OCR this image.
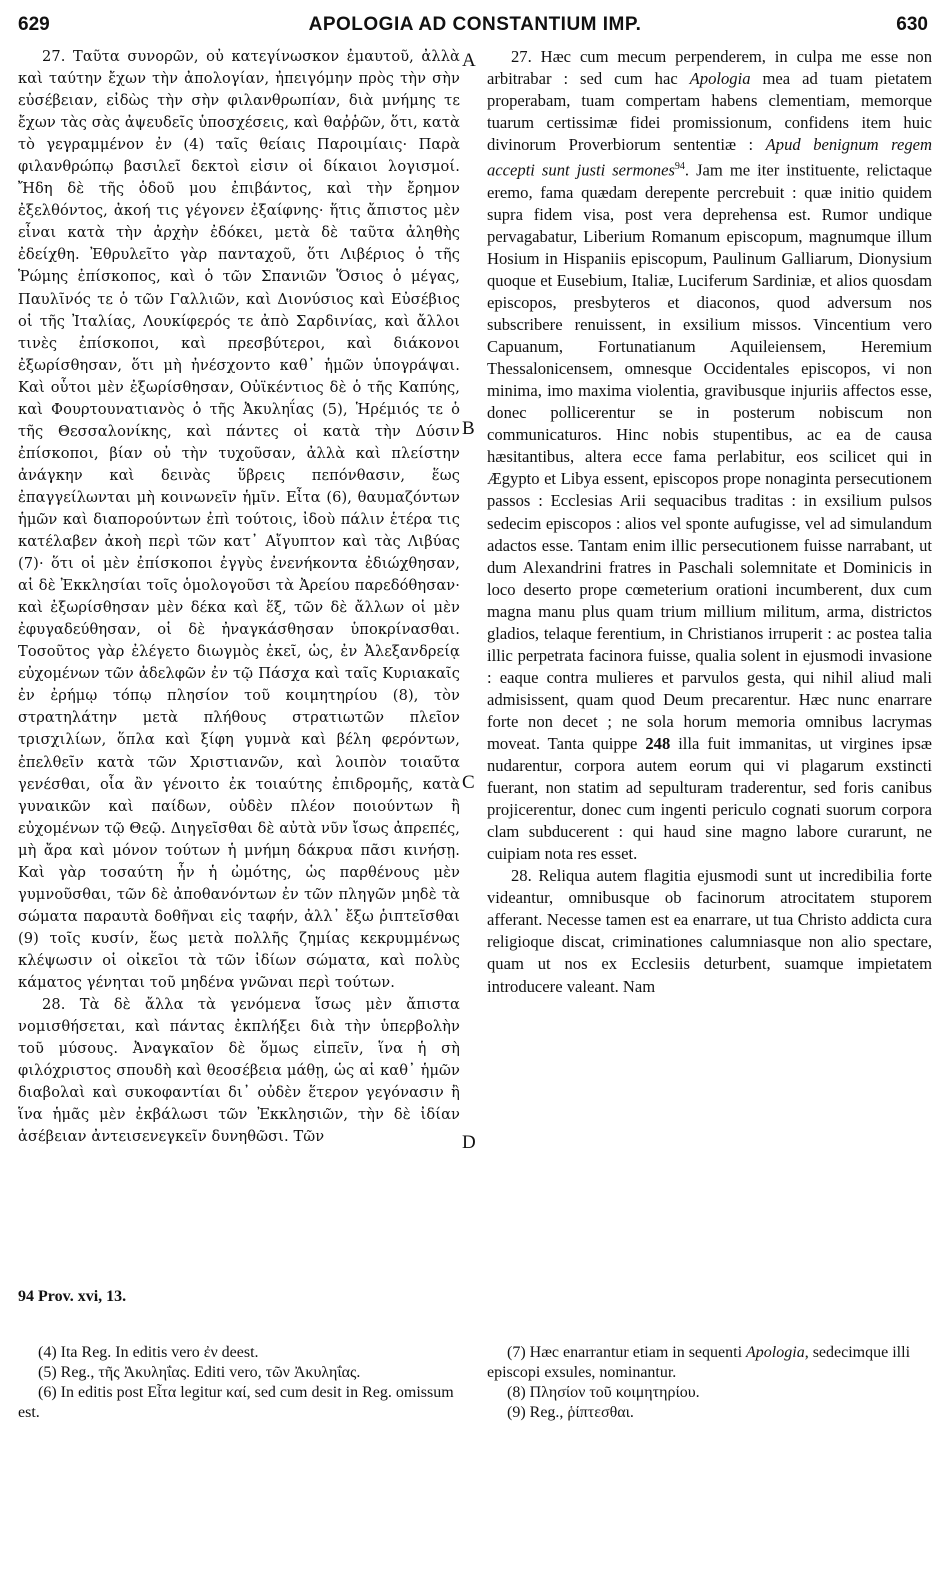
629	APOLOGIA AD CONSTANTIUM IMP.	630

27. Ταῦτα συνορῶν, οὐ κατεγίνωσκον ἐμαυτοῦ, ἀλλὰ καὶ ταύτην ἔχων τὴν ἀπολογίαν, ἠπειγόμην πρὸς τὴν σὴν εὐσέβειαν, εἰδὼς τὴν σὴν φιλανθρωπίαν, διὰ μνήμης τε ἔχων τὰς σὰς ἀψευδεῖς ὑποσχέσεις, καὶ θαῤῥῶν, ὅτι, κατὰ τὸ γεγραμμένον ἐν (4) ταῖς θείαις Παροιμίαις· Παρὰ φιλανθρώπῳ βασιλεῖ δεκτοὶ εἰσιν οἱ δίκαιοι λογισμοί. Ἤδη δὲ τῆς ὁδοῦ μου ἐπιβάντος, καὶ τὴν ἔρημον ἐξελθόντος, ἀκοή τις γέγονεν ἐξαίφνης· ἥτις ἄπιστος μὲν εἶναι κατὰ τὴν ἀρχὴν ἐδόκει, μετὰ δὲ ταῦτα ἀληθὴς ἐδείχθη. Ἐθρυλεῖτο γὰρ πανταχοῦ, ὅτι Λιβέριος ὁ τῆς Ῥώμης ἐπίσκοπος, καὶ ὁ τῶν Σπανιῶν Ὅσιος ὁ μέγας, Παυλῖνός τε ὁ τῶν Γαλλιῶν, καὶ Διονύσιος καὶ Εὐσέβιος οἱ τῆς Ἰταλίας, Λουκίφερός τε ἀπὸ Σαρδινίας, καὶ ἄλλοι τινὲς ἐπίσκοποι, καὶ πρεσβύτεροι, καὶ διάκονοι ἐξωρίσθησαν, ὅτι μὴ ἠνέσχοντο καθ᾽ ἡμῶν ὑπογράψαι. Καὶ οὗτοι μὲν ἐξωρίσθησαν, Οὐϊκέντιος δὲ ὁ τῆς Καπύης, καὶ Φουρτουνατιανὸς ὁ τῆς Ἀκυληΐας (5), Ἡρέμιός τε ὁ τῆς Θεσσαλονίκης, καὶ πάντες οἱ κατὰ τὴν Δύσιν ἐπίσκοποι, βίαν οὐ τὴν τυχοῦσαν, ἀλλὰ καὶ πλείστην ἀνάγκην καὶ δεινὰς ὕβρεις πεπόνθασιν, ἕως ἐπαγγείλωνται μὴ κοινωνεῖν ἡμῖν. Εἶτα (6), θαυμαζόντων ἡμῶν καὶ διαπορούντων ἐπὶ τούτοις, ἰδοὺ πάλιν ἑτέρα τις κατέλαβεν ἀκοὴ περὶ τῶν κατ᾽ Αἴγυπτον καὶ τὰς Λιβύας (7)· ὅτι οἱ μὲν ἐπίσκοποι ἐγγὺς ἐνενήκοντα ἐδιώχθησαν, αἱ δὲ Ἐκκλησίαι τοῖς ὁμολογοῦσι τὰ Ἀρείου παρεδόθησαν· καὶ ἐξωρίσθησαν μὲν δέκα καὶ ἕξ, τῶν δὲ ἄλλων οἱ μὲν ἐφυγαδεύθησαν, οἱ δὲ ἠναγκάσθησαν ὑποκρίνασθαι. Τοσοῦτος γὰρ ἐλέγετο διωγμὸς ἐκεῖ, ὡς, ἐν Ἀλεξανδρείᾳ εὐχομένων τῶν ἀδελφῶν ἐν τῷ Πάσχα καὶ ταῖς Κυριακαῖς ἐν ἐρήμῳ τόπῳ πλησίον τοῦ κοιμητηρίου (8), τὸν στρατηλάτην μετὰ πλήθους στρατιωτῶν πλεῖον τρισχιλίων, ὅπλα καὶ ξίφη γυμνὰ καὶ βέλη φερόντων, ἐπελθεῖν κατὰ τῶν Χριστιανῶν, καὶ λοιπὸν τοιαῦτα γενέσθαι, οἷα ἂν γένοιτο ἐκ τοιαύτης ἐπιδρομῆς, κατὰ γυναικῶν καὶ παίδων, οὐδὲν πλέον ποιούντων ἢ εὐχομένων τῷ Θεῷ. Διηγεῖσθαι δὲ αὐτὰ νῦν ἴσως ἀπρεπές, μὴ ἄρα καὶ μόνον τούτων ἡ μνήμη δάκρυα πᾶσι κινήσῃ. Καὶ γὰρ τοσαύτη ἦν ἡ ὠμότης, ὡς παρθένους μὲν γυμνοῦσθαι, τῶν δὲ ἀποθανόντων ἐν τῶν πληγῶν μηδὲ τὰ σώματα παραυτὰ δοθῆναι εἰς ταφήν, ἀλλ᾽ ἔξω ῥιπτεῖσθαι (9) τοῖς κυσίν, ἕως μετὰ πολλῆς ζημίας κεκρυμμένως κλέψωσιν οἱ οἰκεῖοι τὰ τῶν ἰδίων σώματα, καὶ πολὺς κάματος γένηται τοῦ μηδένα γνῶναι περὶ τούτων.

28. Τὰ δὲ ἄλλα τὰ γενόμενα ἴσως μὲν ἄπιστα νομισθήσεται, καὶ πάντας ἐκπλήξει διὰ τὴν ὑπερβολὴν τοῦ μύσους. Ἀναγκαῖον δὲ ὅμως εἰπεῖν, ἵνα ἡ σὴ φιλόχριστος σπουδὴ καὶ θεοσέβεια μάθῃ, ὡς αἱ καθ᾽ ἡμῶν διαβολαὶ καὶ συκοφαντίαι δι᾽ οὐδὲν ἕτερον γεγόνασιν ἢ ἵνα ἡμᾶς μὲν ἐκβάλωσι τῶν Ἐκκλησιῶν, τὴν δὲ ἰδίαν ἀσέβειαν ἀντεισενεγκεῖν δυνηθῶσι. Τῶν

A
B
C
D

27. Hæc cum mecum perpenderem, in culpa me esse non arbitrabar : sed cum hac Apologia mea ad tuam pietatem properabam, tuam compertam habens clementiam, memorque tuarum certissimæ fidei promissionum, confidens item huic divinorum Proverbiorum sententiæ : Apud benignum regem accepti sunt justi sermones$^{94}$. Jam me iter instituente, relictaque eremo, fama quædam derepente percrebuit : quæ initio quidem supra fidem visa, post vera deprehensa est. Rumor undique pervagabatur, Liberium Romanum episcopum, magnumque illum Hosium in Hispaniis episcopum, Paulinum Galliarum, Dionysium quoque et Eusebium, Italiæ, Luciferum Sardiniæ, et alios quosdam episcopos, presbyteros et diaconos, quod adversum nos subscribere renuissent, in exsilium missos. Vincentium vero Capuanum, Fortunatianum Aquileiensem, Heremium Thessalonicensem, omnesque Occidentales episcopos, vi non minima, imo maxima violentia, gravibusque injuriis affectos esse, donec pollicerentur se in posterum nobiscum non communicaturos. Hinc nobis stupentibus, ac ea de causa hæsitantibus, altera ecce fama perlabitur, eos scilicet qui in Ægypto et Libya essent, episcopos prope nonaginta persecutionem passos : Ecclesias Arii sequacibus traditas : in exsilium pulsos sedecim episcopos : alios vel sponte aufugisse, vel ad simulandum adactos esse. Tantam enim illic persecutionem fuisse narrabant, ut dum Alexandrini fratres in Paschali solemnitate et Dominicis in loco deserto prope cœmeterium orationi incumberent, dux cum magna manu plus quam trium millium militum, arma, districtos gladios, telaque ferentium, in Christianos irruperit : ac postea talia illic perpetrata facinora fuisse, qualia solent in ejusmodi invasione : eaque contra mulieres et parvulos gesta, qui nihil aliud mali admisissent, quam quod Deum precarentur. Hæc nunc enarrare forte non decet ; ne sola horum memoria omnibus lacrymas moveat. Tanta quippe 248 illa fuit immanitas, ut virgines ipsæ nudarentur, corpora autem eorum qui vi plagarum exstincti fuerant, non statim ad sepulturam traderentur, sed foris canibus projicerentur, donec cum ingenti periculo cognati suorum corpora clam subducerent : qui haud sine magno labore curarunt, ne cuipiam nota res esset.

28. Reliqua autem flagitia ejusmodi sunt ut incredibilia forte videantur, omnibusque ob facinorum atrocitatem stuporem afferant. Necesse tamen est ea enarrare, ut tua Christo addicta cura religioque discat, criminationes calumniasque non alio spectare, quam ut nos ex Ecclesiis deturbent, suamque impietatem introducere valeant. Nam

94 Prov. xvi, 13.

(4) Ita Reg. In editis vero ἐν deest.

(5) Reg., τῆς Ἀκυληΐας. Editi vero, τῶν Ἀκυληΐας.

(6) In editis post Εἶτα legitur καί, sed cum desit in Reg. omissum est.

(7) Hæc enarrantur etiam in sequenti Apologia, sedecimque illi episcopi exsules, nominantur.

(8) Πλησίον τοῦ κοιμητηρίου.

(9) Reg., ῥίπτεσθαι.
